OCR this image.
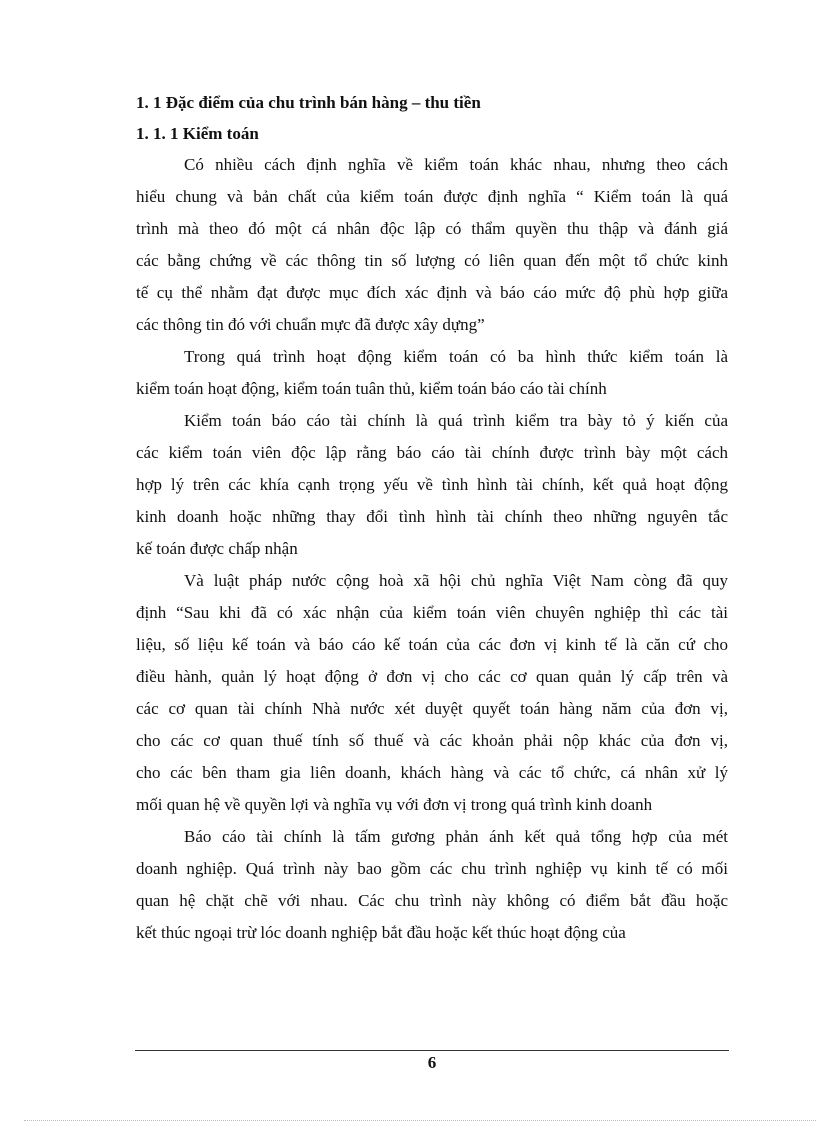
1. 1 Đặc điểm của chu trình bán hàng – thu tiền

1. 1. 1 Kiểm toán

Có nhiều cách định nghĩa về kiểm toán khác nhau, nhưng theo cách
hiểu chung và bản chất của kiểm toán được định nghĩa “ Kiểm toán là quá
trình mà theo đó một cá nhân độc lập có thẩm quyền thu thập và đánh giá
các bằng chứng về các thông tin số lượng có liên quan đến một tổ chức kinh
tế cụ thể nhằm đạt được mục đích xác định và báo cáo mức độ phù hợp giữa
các thông tin đó với chuẩn mực đã được xây dựng”
Trong quá trình hoạt động kiểm toán có ba hình thức kiểm toán là
kiểm toán hoạt động, kiểm toán tuân thủ, kiểm toán báo cáo tài chính
Kiểm toán báo cáo tài chính là quá trình kiểm tra bày tỏ ý kiến của
các kiểm toán viên độc lập rằng báo cáo tài chính được trình bày một cách
hợp lý trên các khía cạnh trọng yếu về tình hình tài chính, kết quả hoạt động
kinh doanh hoặc những thay đổi tình hình tài chính theo những nguyên tắc
kế toán được chấp nhận
Và luật pháp nước cộng hoà xã hội chủ nghĩa Việt Nam còng đã quy
định “Sau khi đã có xác nhận của kiểm toán viên chuyên nghiệp thì các tài
liệu, số liệu kế toán và báo cáo kế toán của các đơn vị kinh tế là căn cứ cho
điều hành, quản lý hoạt động ở đơn vị cho các cơ quan quản lý cấp trên và
các cơ quan tài chính Nhà nước xét duyệt quyết toán hàng năm của đơn vị,
cho các cơ quan thuế tính số thuế và các khoản phải nộp khác của đơn vị,
cho các bên tham gia liên doanh, khách hàng và các tổ chức, cá nhân xử lý
mối quan hệ về quyền lợi và nghĩa vụ với đơn vị trong quá trình kinh doanh
Báo cáo tài chính là tấm gương phản ánh kết quả tổng hợp của mét
doanh nghiệp. Quá trình này bao gồm các chu trình nghiệp vụ kinh tế có mối
quan hệ chặt chẽ với nhau. Các chu trình này không có điểm bắt đầu hoặc
kết thúc ngoại trừ lóc doanh nghiệp bắt đầu hoặc kết thúc hoạt động của
6
